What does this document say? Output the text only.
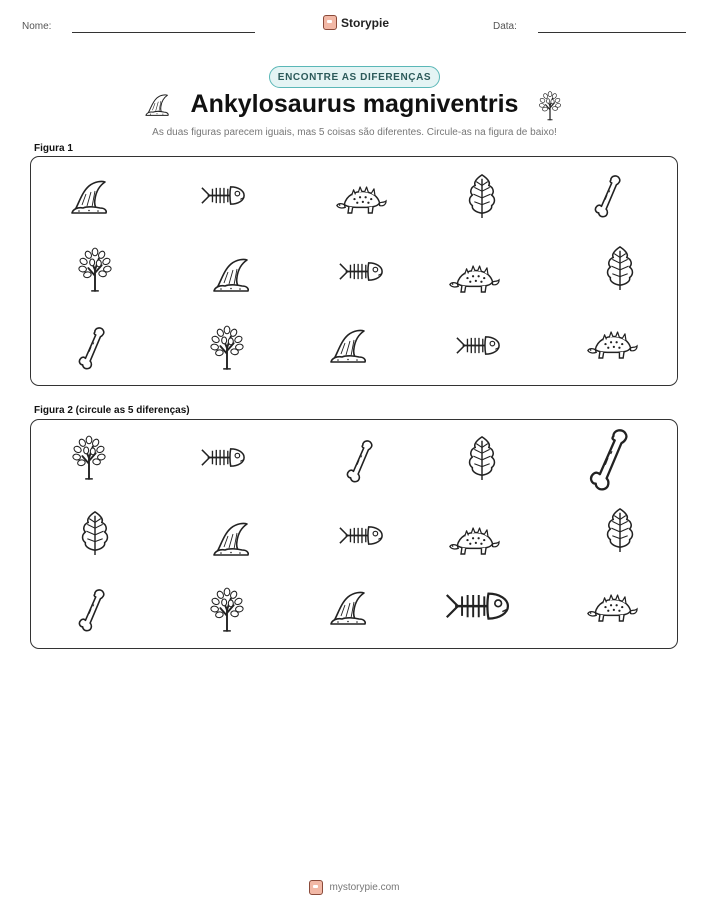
Nome:	Storypie	Data:
ENCONTRE AS DIFERENÇAS
Ankylosaurus magniventris
As duas figuras parecem iguais, mas 5 coisas são diferentes. Circule-as na figura de baixo!
Figura 1
Figura 2 (circule as 5 diferenças)
mystorypie.com
